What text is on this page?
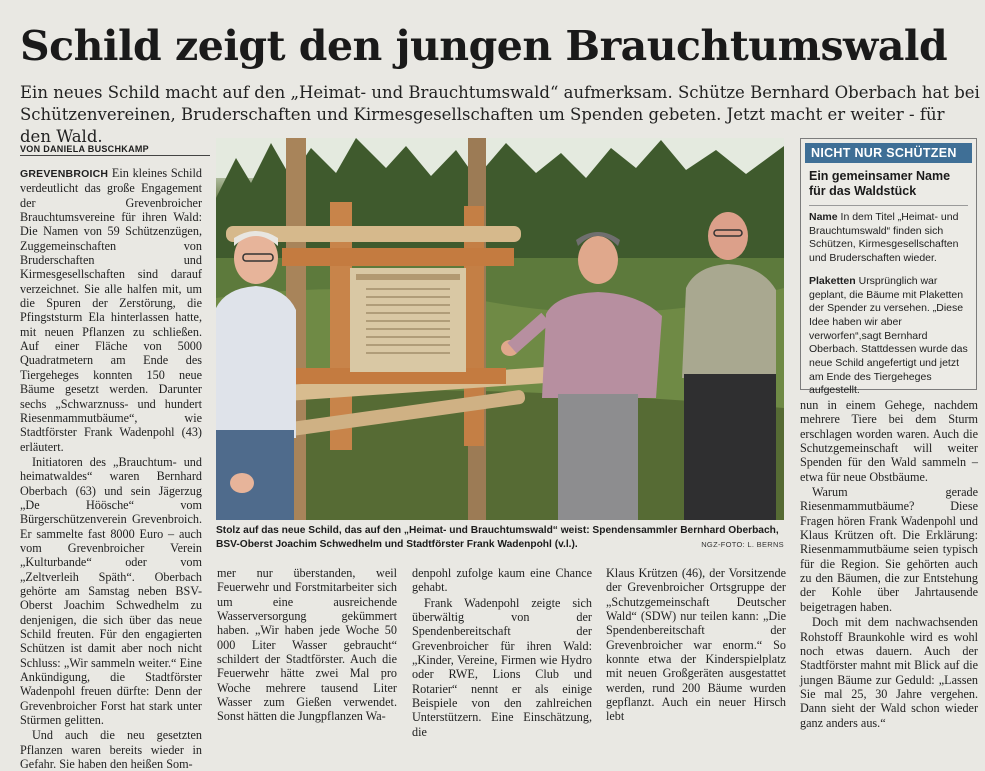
Schild zeigt den jungen Brauchtumswald
Ein neues Schild macht auf den „Heimat- und Brauchtumswald“ aufmerksam. Schütze Bernhard Oberbach hat bei Schützenvereinen, Bruderschaften und Kirmesgesellschaften um Spenden gebeten. Jetzt macht er weiter - für den Wald.
VON DANIELA BUSCHKAMP

GREVENBROICH Ein kleines Schild verdeutlicht das große Engagement der Grevenbroicher Brauchtumsvereine für ihren Wald: Die Namen von 59 Schützenzügen, Zuggemeinschaften von Bruderschaften und Kirmesgesellschaften sind darauf verzeichnet. Sie alle halfen mit, um die Spuren der Zerstörung, die Pfingststurm Ela hinterlassen hatte, mit neuen Pflanzen zu schließen. Auf einer Fläche von 5000 Quadratmetern am Ende des Tiergeheges konnten 150 neue Bäume gesetzt werden. Darunter sechs „Schwarznuss- und hundert Riesenmammutbäume“, wie Stadtförster Frank Wadenpohl (43) erläutert.

Initiatoren des „Brauchtum- und heimatwaldes“ waren Bernhard Oberbach (63) und sein Jägerzug „De Höösche“ vom Bürgerschützenverein Grevenbroich. Er sammelte fast 8000 Euro – auch vom Grevenbroicher Verein „Kulturbande“ oder vom „Zeltverleih Späth“. Oberbach gehörte am Samstag neben BSV-Oberst Joachim Schwedhelm zu denjenigen, die sich über das neue Schild freuten. Für den engagierten Schützen ist damit aber noch nicht Schluss: „Wir sammeln weiter.“ Eine Ankündigung, die Stadtförster Wadenpohl freuen dürfte: Denn der Grevenbroicher Forst hat stark unter Stürmen gelitten.

Und auch die neu gesetzten Pflanzen waren bereits wieder in Gefahr. Sie haben den heißen Som-

Stolz auf das neue Schild, das auf den „Heimat- und Brauchtumswald“ weist: Spendensammler Bernhard Oberbach, BSV-Oberst Joachim Schwedhelm und Stadtförster Frank Wadenpohl (v.l.).	NGZ-FOTO: L. BERNS
NICHT NUR SCHÜTZEN
Ein gemeinsamer Name für das Waldstück
Name In dem Titel „Heimat- und Brauchtumswald“ finden sich Schützen, Kirmesgesellschaften und Bruderschaften wieder.
Plaketten Ursprünglich war geplant, die Bäume mit Plaketten der Spender zu versehen. „Diese Idee haben wir aber verworfen“,sagt Bernhard Oberbach. Stattdessen wurde das neue Schild angefertigt und jetzt am Ende des Tiergeheges aufgestellt.

mer nur überstanden, weil Feuerwehr und Forstmitarbeiter sich um eine ausreichende Wasserversorgung gekümmert haben. „Wir haben jede Woche 50 000 Liter Wasser gebraucht“ schildert der Stadtförster. Auch die Feuerwehr hätte zwei Mal pro Woche mehrere tausend Liter Wasser zum Gießen verwendet. Sonst hätten die Jungpflanzen Wa-

denpohl zufolge kaum eine Chance gehabt.

Frank Wadenpohl zeigte sich überwältig von der Spendenbereitschaft der Grevenbroicher für ihren Wald: „Kinder, Vereine, Firmen wie Hydro oder RWE, Lions Club und Rotarier“ nennt er als einige Beispiele von den zahlreichen Unterstützern. Eine Einschätzung, die

Klaus Krützen (46), der Vorsitzende der Grevenbroicher Ortsgruppe der „Schutzgemeinschaft Deutscher Wald“ (SDW) nur teilen kann: „Die Spendenbereitschaft der Grevenbroicher war enorm.“ So konnte etwa der Kinderspielplatz mit neuen Großgeräten ausgestattet werden, rund 200 Bäume wurden gepflanzt. Auch ein neuer Hirsch lebt

nun in einem Gehege, nachdem mehrere Tiere bei dem Sturm erschlagen worden waren. Auch die Schutzgemeinschaft will weiter Spenden für den Wald sammeln – etwa für neue Obstbäume.

Warum gerade Riesenmammutbäume? Diese Fragen hören Frank Wadenpohl und Klaus Krützen oft. Die Erklärung: Riesenmammutbäume seien typisch für die Region. Sie gehörten auch zu den Bäumen, die zur Entstehung der Kohle über Jahrtausende beigetragen haben.

Doch mit dem nachwachsenden Rohstoff Braunkohle wird es wohl noch etwas dauern. Auch der Stadtförster mahnt mit Blick auf die jungen Bäume zur Geduld: „Lassen Sie mal 25, 30 Jahre vergehen. Dann sieht der Wald schon wieder ganz anders aus.“
